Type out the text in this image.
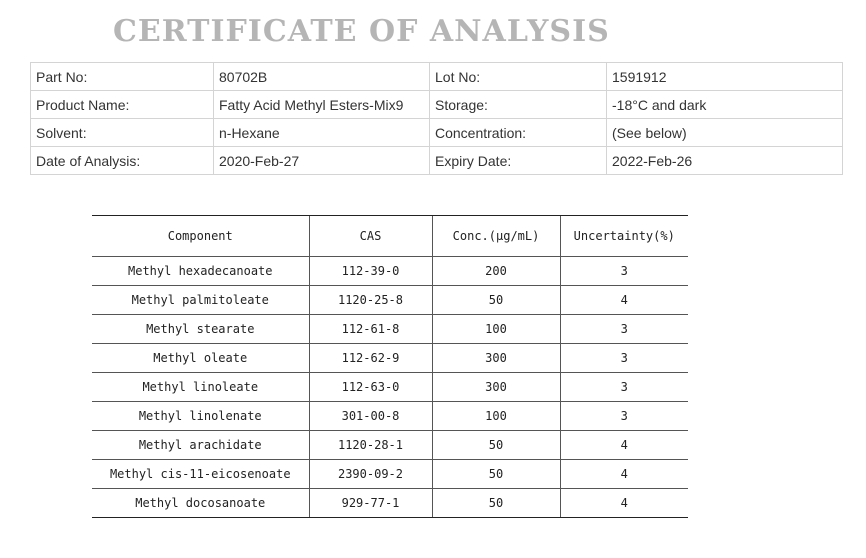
CERTIFICATE OF ANALYSIS
Part No:	80702B	Lot No:	1591912
Product Name:	Fatty Acid Methyl Esters-Mix9	Storage:	-18°C and dark
Solvent:	n-Hexane	Concentration:	(See below)
Date of Analysis:	2020-Feb-27	Expiry Date:	2022-Feb-26
Component	CAS	Conc.(μg/mL)	Uncertainty(%)
Methyl hexadecanoate	112-39-0	200	3
Methyl palmitoleate	1120-25-8	50	4
Methyl stearate	112-61-8	100	3
Methyl oleate	112-62-9	300	3
Methyl linoleate	112-63-0	300	3
Methyl linolenate	301-00-8	100	3
Methyl arachidate	1120-28-1	50	4
Methyl cis-11-eicosenoate	2390-09-2	50	4
Methyl docosanoate	929-77-1	50	4
